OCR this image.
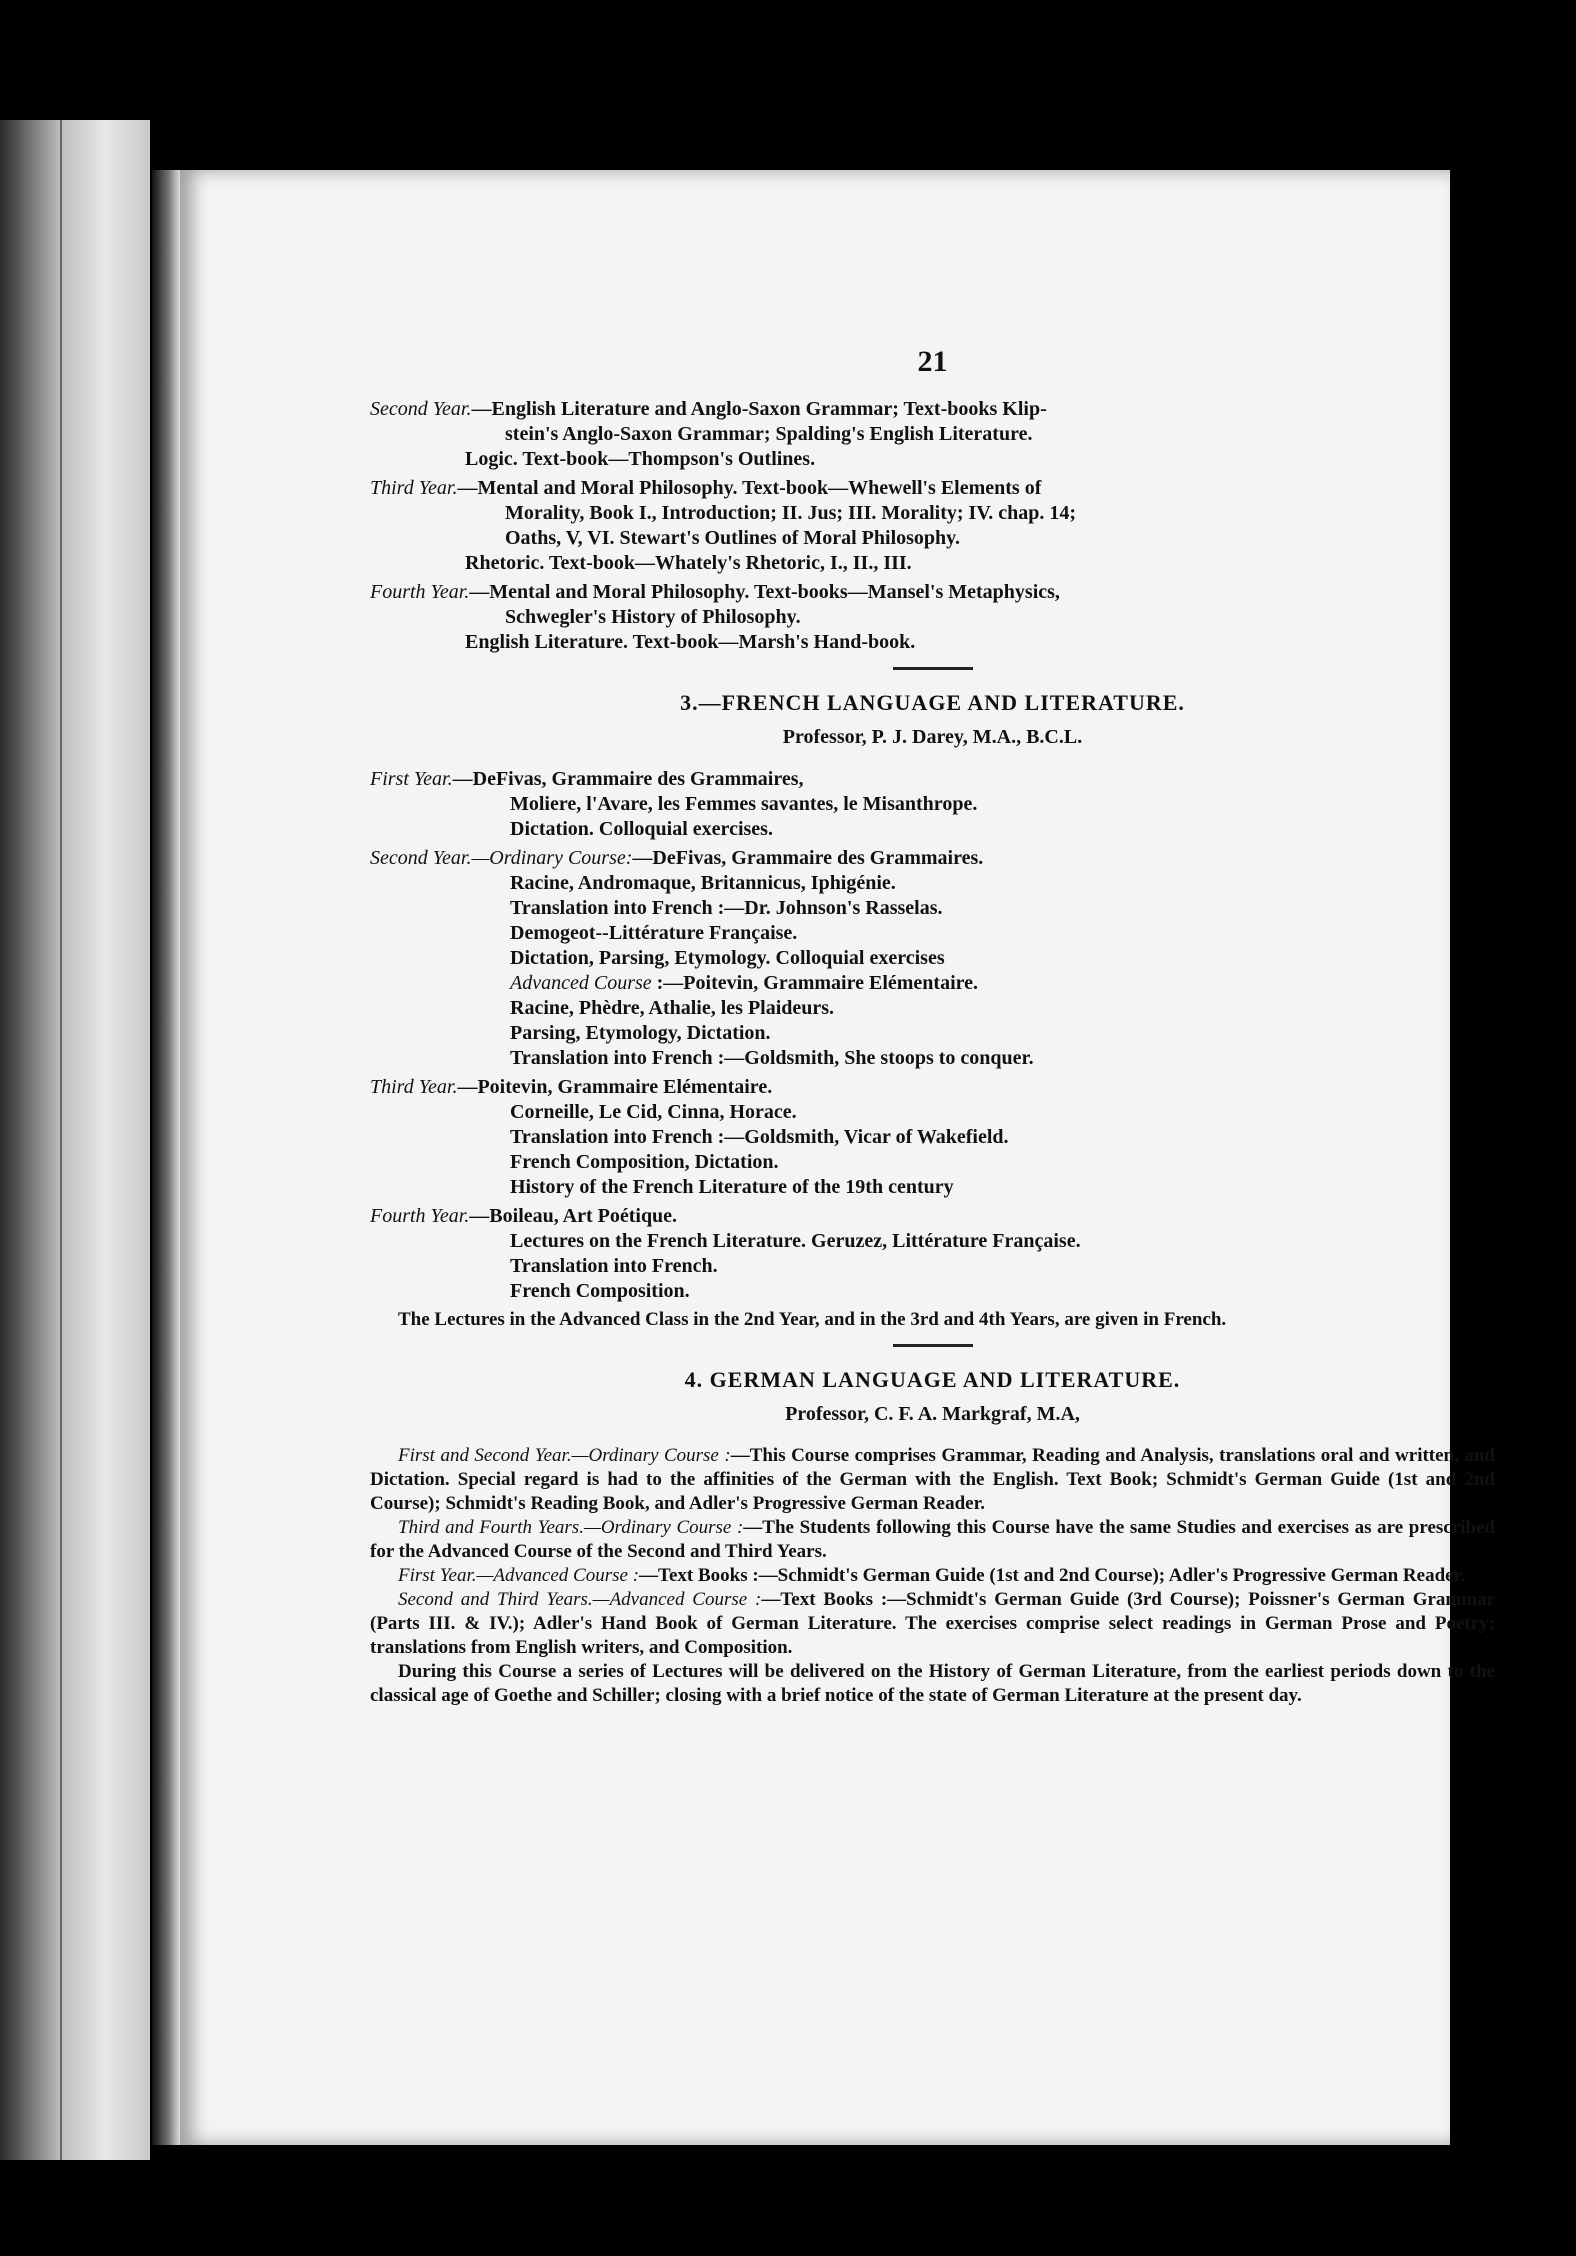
21
Second Year.—English Literature and Anglo-Saxon Grammar; Text-books Klip-
stein's Anglo-Saxon Grammar; Spalding's English Literature.
Logic. Text-book—Thompson's Outlines.
Third Year.—Mental and Moral Philosophy. Text-book—Whewell's Elements of
Morality, Book I., Introduction; II. Jus; III. Morality; IV. chap. 14;
Oaths, V, VI. Stewart's Outlines of Moral Philosophy.
Rhetoric. Text-book—Whately's Rhetoric, I., II., III.
Fourth Year.—Mental and Moral Philosophy. Text-books—Mansel's Metaphysics,
Schwegler's History of Philosophy.
English Literature. Text-book—Marsh's Hand-book.
3.—FRENCH LANGUAGE AND LITERATURE.
Professor, P. J. Darey, M.A., B.C.L.
First Year.—DeFivas, Grammaire des Grammaires,
Moliere, l'Avare, les Femmes savantes, le Misanthrope.
Dictation. Colloquial exercises.
Second Year.—Ordinary Course:—DeFivas, Grammaire des Grammaires.
Racine, Andromaque, Britannicus, Iphigénie.
Translation into French :—Dr. Johnson's Rasselas.
Demogeot--Littérature Française.
Dictation, Parsing, Etymology. Colloquial exercises
Advanced Course :—Poitevin, Grammaire Elémentaire.
Racine, Phèdre, Athalie, les Plaideurs.
Parsing, Etymology, Dictation.
Translation into French :—Goldsmith, She stoops to conquer.
Third Year.—Poitevin, Grammaire Elémentaire.
Corneille, Le Cid, Cinna, Horace.
Translation into French :—Goldsmith, Vicar of Wakefield.
French Composition, Dictation.
History of the French Literature of the 19th century
Fourth Year.—Boileau, Art Poétique.
Lectures on the French Literature. Geruzez, Littérature Française.
Translation into French.
French Composition.
The Lectures in the Advanced Class in the 2nd Year, and in the 3rd and 4th Years, are given in French.
4. GERMAN LANGUAGE AND LITERATURE.
Professor, C. F. A. Markgraf, M.A,
First and Second Year.—Ordinary Course :—This Course comprises Grammar, Reading and Analysis, translations oral and written, and Dictation. Special regard is had to the affinities of the German with the English. Text Book; Schmidt's German Guide (1st and 2nd Course); Schmidt's Reading Book, and Adler's Progressive German Reader.
Third and Fourth Years.—Ordinary Course :—The Students following this Course have the same Studies and exercises as are prescribed for the Advanced Course of the Second and Third Years.
First Year.—Advanced Course :—Text Books :—Schmidt's German Guide (1st and 2nd Course); Adler's Progressive German Reader.
Second and Third Years.—Advanced Course :—Text Books :—Schmidt's German Guide (3rd Course); Poissner's German Grammar (Parts III. & IV.); Adler's Hand Book of German Literature. The exercises comprise select readings in German Prose and Poetry; translations from English writers, and Composition.
During this Course a series of Lectures will be delivered on the History of German Literature, from the earliest periods down to the classical age of Goethe and Schiller; closing with a brief notice of the state of German Literature at the present day.
